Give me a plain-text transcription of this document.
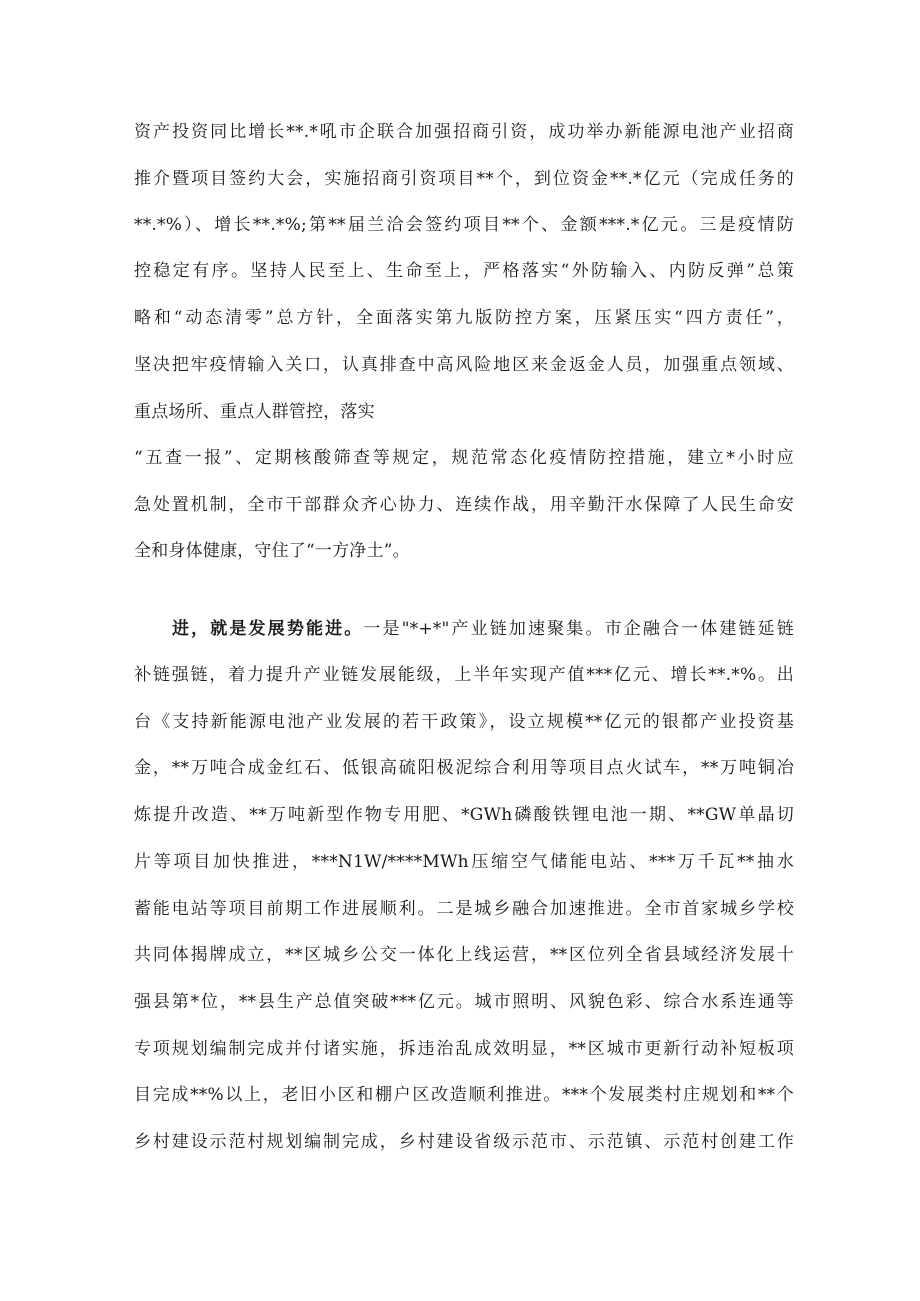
资产投资同比增长**.*吼市企联合加强招商引资，成功举办新能源电池产业招商
推介暨项目签约大会，实施招商引资项目**个，到位资金**.*亿元（完成任务的
**.*%）、增长**.*%;第**届兰洽会签约项目**个、金额***.*亿元。三是疫情防
控稳定有序。坚持人民至上、生命至上，严格落实“外防输入、内防反弹”总策
略和“动态清零”总方针，全面落实第九版防控方案，压紧压实“四方责任”，
坚决把牢疫情输入关口，认真排查中高风险地区来金返金人员，加强重点领域、
重点场所、重点人群管控，落实
“五查一报”、定期核酸筛查等规定，规范常态化疫情防控措施，建立*小时应
急处置机制，全市干部群众齐心协力、连续作战，用辛勤汗水保障了人民生命安
全和身体健康，守住了“一方净土”。
进，就是发展势能进。一是"*+*"产业链加速聚集。市企融合一体建链延链
补链强链，着力提升产业链发展能级，上半年实现产值***亿元、增长**.*%。出
台《支持新能源电池产业发展的若干政策》，设立规模**亿元的银都产业投资基
金，**万吨合成金红石、低银高硫阳极泥综合利用等项目点火试车，**万吨铜冶
炼提升改造、**万吨新型作物专用肥、*GWh磷酸铁锂电池一期、**GW单晶切
片等项目加快推进，***N1W∕****MWh压缩空气储能电站、***万千瓦**抽水
蓄能电站等项目前期工作进展顺利。二是城乡融合加速推进。全市首家城乡学校
共同体揭牌成立，**区城乡公交一体化上线运营，**区位列全省县域经济发展十
强县第*位，**县生产总值突破***亿元。城市照明、风貌色彩、综合水系连通等
专项规划编制完成并付诸实施，拆违治乱成效明显，**区城市更新行动补短板项
目完成**%以上，老旧小区和棚户区改造顺利推进。***个发展类村庄规划和**个
乡村建设示范村规划编制完成，乡村建设省级示范市、示范镇、示范村创建工作
